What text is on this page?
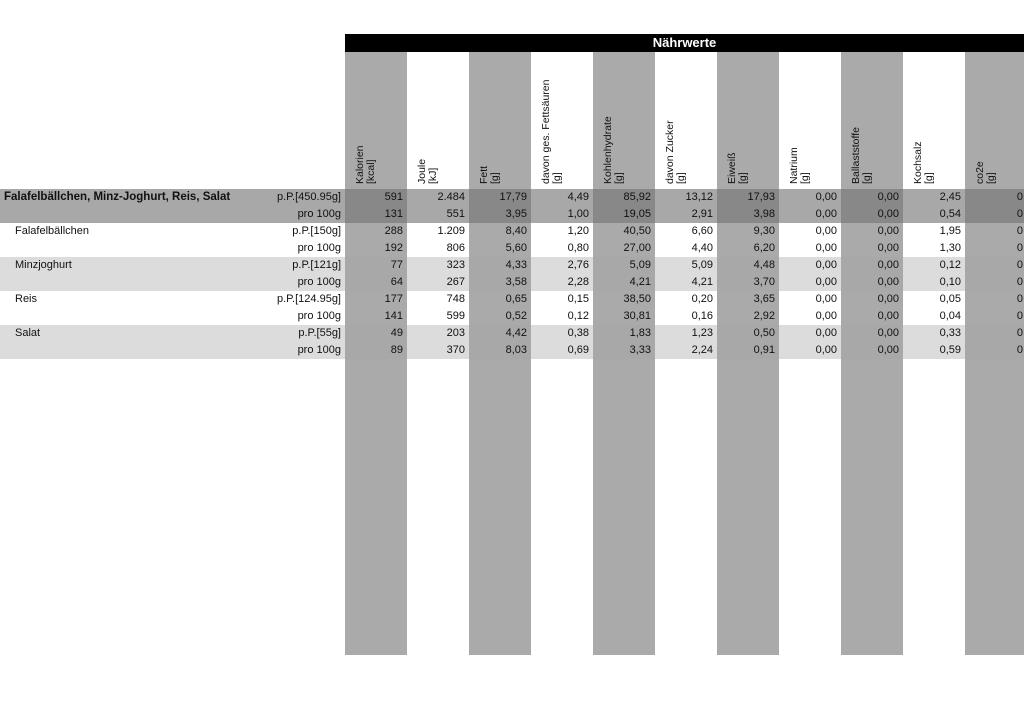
Nährwerte
Kalorien [kcal]	Joule [kJ]	Fett [g]	davon ges. Fettsäuren [g]	Kohlenhydrate [g]	davon Zucker [g]	Eiweiß [g]	Natrium [g]	Ballaststoffe [g]	Kochsalz [g]	co2e [g]
Falafelbällchen, Minz-Joghurt, Reis, Salat	p.P.[450.95g]	591	2.484	17,79	4,49	85,92	13,12	17,93	0,00	0,00	2,45	0
pro 100g	131	551	3,95	1,00	19,05	2,91	3,98	0,00	0,00	0,54	0
Falafelbällchen	p.P.[150g]	288	1.209	8,40	1,20	40,50	6,60	9,30	0,00	0,00	1,95	0
pro 100g	192	806	5,60	0,80	27,00	4,40	6,20	0,00	0,00	1,30	0
Minzjoghurt	p.P.[121g]	77	323	4,33	2,76	5,09	5,09	4,48	0,00	0,00	0,12	0
pro 100g	64	267	3,58	2,28	4,21	4,21	3,70	0,00	0,00	0,10	0
Reis	p.P.[124.95g]	177	748	0,65	0,15	38,50	0,20	3,65	0,00	0,00	0,05	0
pro 100g	141	599	0,52	0,12	30,81	0,16	2,92	0,00	0,00	0,04	0
Salat	p.P.[55g]	49	203	4,42	0,38	1,83	1,23	0,50	0,00	0,00	0,33	0
pro 100g	89	370	8,03	0,69	3,33	2,24	0,91	0,00	0,00	0,59	0
